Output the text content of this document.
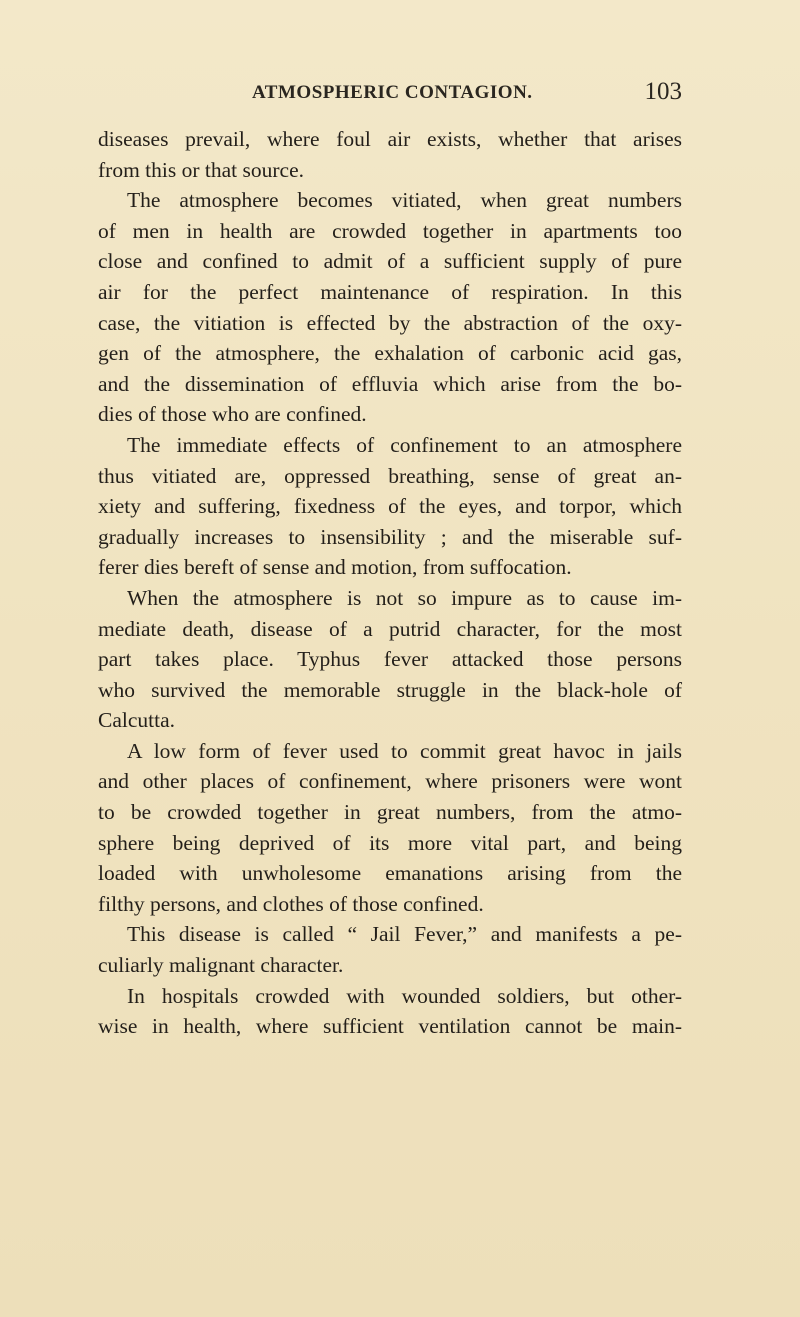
ATMOSPHERIC CONTAGION.	103
diseases prevail, where foul air exists, whether that arises
from this or that source.
The atmosphere becomes vitiated, when great numbers
of men in health are crowded together in apartments too
close and confined to admit of a sufficient supply of pure
air for the perfect maintenance of respiration. In this
case, the vitiation is effected by the abstraction of the oxy-
gen of the atmosphere, the exhalation of carbonic acid gas,
and the dissemination of effluvia which arise from the bo-
dies of those who are confined.
The immediate effects of confinement to an atmosphere
thus vitiated are, oppressed breathing, sense of great an-
xiety and suffering, fixedness of the eyes, and torpor, which
gradually increases to insensibility ; and the miserable suf-
ferer dies bereft of sense and motion, from suffocation.
When the atmosphere is not so impure as to cause im-
mediate death, disease of a putrid character, for the most
part takes place. Typhus fever attacked those persons
who survived the memorable struggle in the black-hole of
Calcutta.
A low form of fever used to commit great havoc in jails
and other places of confinement, where prisoners were wont
to be crowded together in great numbers, from the atmo-
sphere being deprived of its more vital part, and being
loaded with unwholesome emanations arising from the
filthy persons, and clothes of those confined.
This disease is called “ Jail Fever,” and manifests a pe-
culiarly malignant character.
In hospitals crowded with wounded soldiers, but other-
wise in health, where sufficient ventilation cannot be main-
